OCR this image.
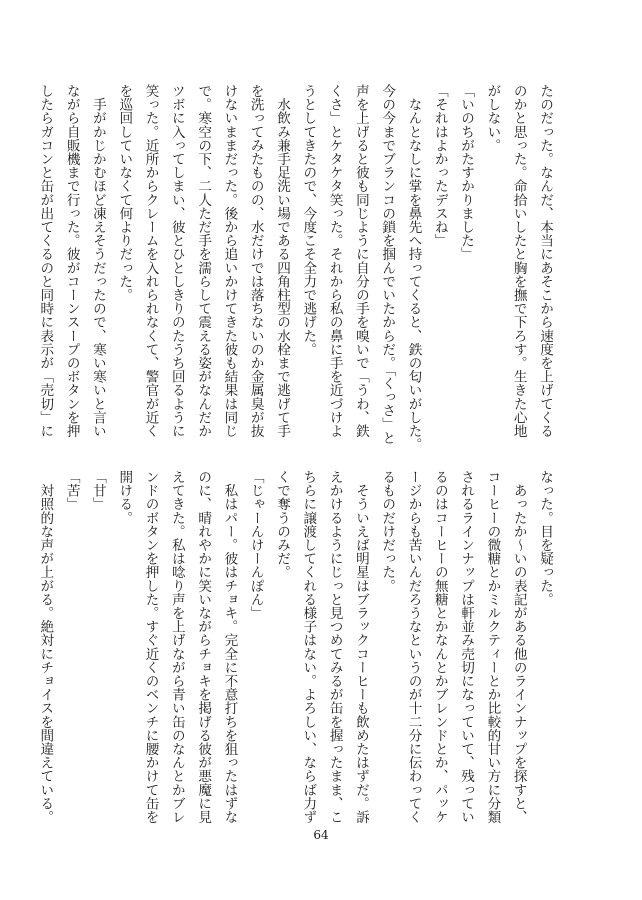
たのだった。なんだ、本当にあそこから速度を上げてくる

のかと思った。命拾いしたと胸を撫で下ろす。生きた心地

がしない。

「いのちがたすかりました」

「それはよかったデスね」

　なんとなしに掌を鼻先へ持ってくると、鉄の匂いがした。

今の今までブランコの鎖を掴んでいたからだ。「くっさ」と

声を上げると彼も同じように自分の手を嗅いで「うわ、鉄

くさ」とケタケタ笑った。それから私の鼻に手を近づけよ

うとしてきたので、今度こそ全力で逃げた。

　水飲み兼手足洗い場である四角柱型の水栓まで逃げて手

を洗ってみたものの、水だけでは落ちないのか金属臭が抜

けないままだった。後から追いかけてきた彼も結果は同じ

で。寒空の下、二人ただ手を濡らして震える姿がなんだか

ツボに入ってしまい、彼とひとしきりのたうち回るように

笑った。近所からクレームを入れられなくて、警官が近く

を巡回していなくて何よりだった。

　手がかじかむほど凍えそうだったので、寒い寒いと言い

ながら自販機まで行った。彼がコーンスープのボタンを押

したらガコンと缶が出てくるのと同時に表示が「売切」に

なった。目を疑った。

　あったか〜いの表記がある他のラインナップを探すと、

コーヒーの微糖とかミルクティーとか比較的甘い方に分類

されるラインナップは軒並み売切になっていて、残ってい

るのはコーヒーの無糖とかなんとかブレンドとか、パッケ

ージからも苦いんだろうなというのが十二分に伝わってく

るものだけだった。

　そういえば明星はブラックコーヒーも飲めたはずだ。訴

えかけるようにじっと見つめてみるが缶を握ったまま、こ

ちらに譲渡してくれる様子はない。よろしい、ならば力ず

くで奪うのみだ。

「じゃーんけーんぽん」

　私はパー。彼はチョキ。完全に不意打ちを狙ったはずな

のに、晴れやかに笑いながらチョキを掲げる彼が悪魔に見

えてきた。私は唸り声を上げながら青い缶のなんとかブレ

ンドのボタンを押した。すぐ近くのベンチに腰かけて缶を

開ける。

「甘」

「苦」

　対照的な声が上がる。絶対にチョイスを間違えている。

64
